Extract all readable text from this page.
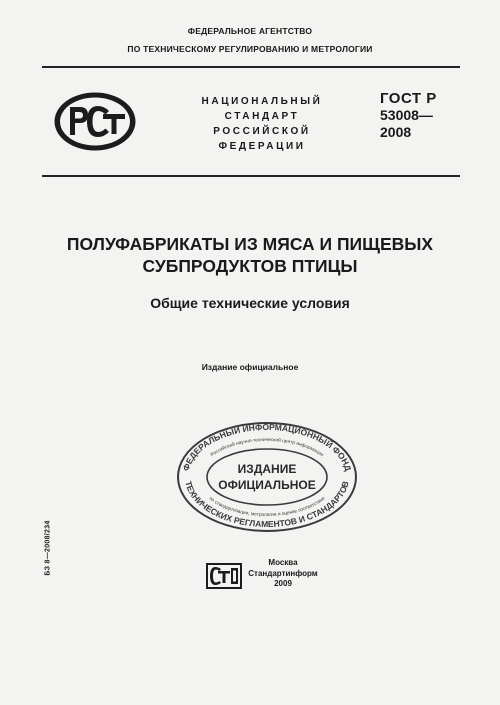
ФЕДЕРАЛЬНОЕ АГЕНТСТВО
ПО ТЕХНИЧЕСКОМУ РЕГУЛИРОВАНИЮ И МЕТРОЛОГИИ
НАЦИОНАЛЬНЫЙ
СТАНДАРТ
РОССИЙСКОЙ
ФЕДЕРАЦИИ
ГОСТ Р
53008—
2008
ПОЛУФАБРИКАТЫ ИЗ МЯСА И ПИЩЕВЫХ
СУБПРОДУКТОВ ПТИЦЫ
Общие технические условия
Издание официальное
ФЕДЕРАЛЬНЫЙ ИНФОРМАЦИОННЫЙ ФОНД
Российский научно-технический центр информации
ИЗДАНИЕ
ОФИЦИАЛЬНОЕ
по стандартизации, метрологии и оценке соответствия
ТЕХНИЧЕСКИХ РЕГЛАМЕНТОВ И СТАНДАРТОВ
БЗ 8—2008/234	Москва
Стандартинформ
2009
